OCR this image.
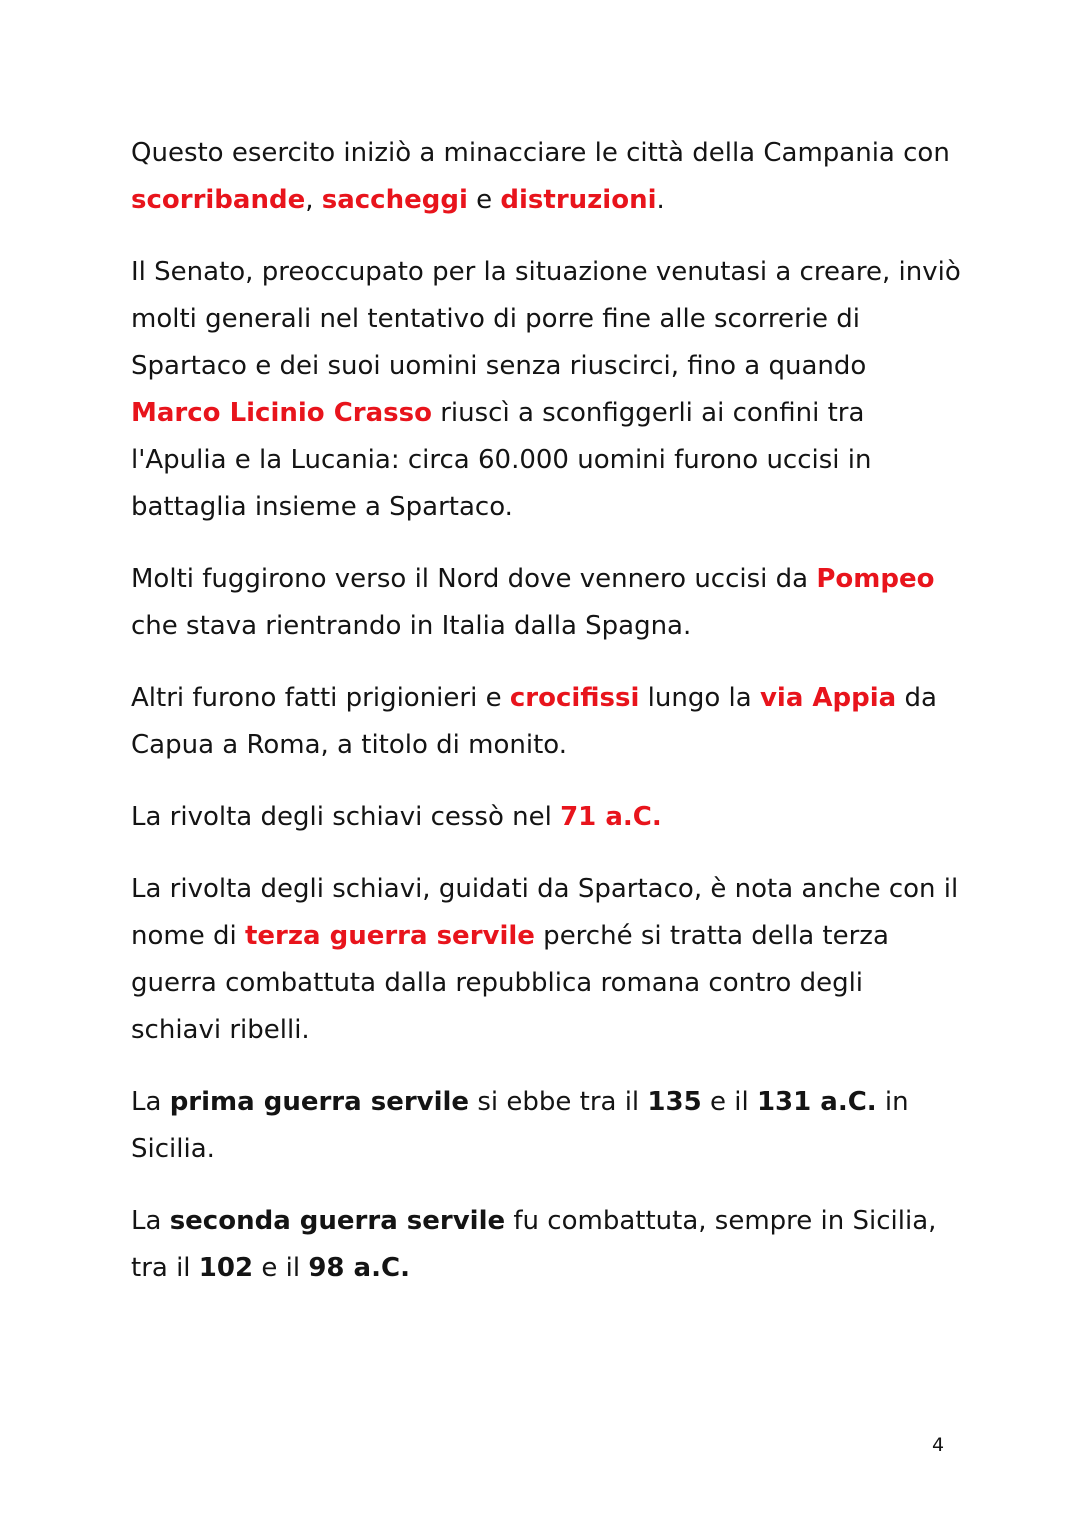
Questo esercito iniziò a minacciare le città della Campania con scorribande, saccheggi e distruzioni.

Il Senato, preoccupato per la situazione venutasi a creare, inviò molti generali nel tentativo di porre fine alle scorrerie di Spartaco e dei suoi uomini senza riuscirci, fino a quando Marco Licinio Crasso riuscì a sconfiggerli ai confini tra l'Apulia e la Lucania: circa 60.000 uomini furono uccisi in battaglia insieme a Spartaco.

Molti fuggirono verso il Nord dove vennero uccisi da Pompeo che stava rientrando in Italia dalla Spagna.

Altri furono fatti prigionieri e crocifissi lungo la via Appia da Capua a Roma, a titolo di monito.

La rivolta degli schiavi cessò nel 71 a.C.

La rivolta degli schiavi, guidati da Spartaco, è nota anche con il nome di terza guerra servile perché si tratta della terza guerra combattuta dalla repubblica romana contro degli schiavi ribelli.

La prima guerra servile si ebbe tra il 135 e il 131 a.C. in Sicilia.

La seconda guerra servile fu combattuta, sempre in Sicilia, tra il 102 e il 98 a.C.

4
